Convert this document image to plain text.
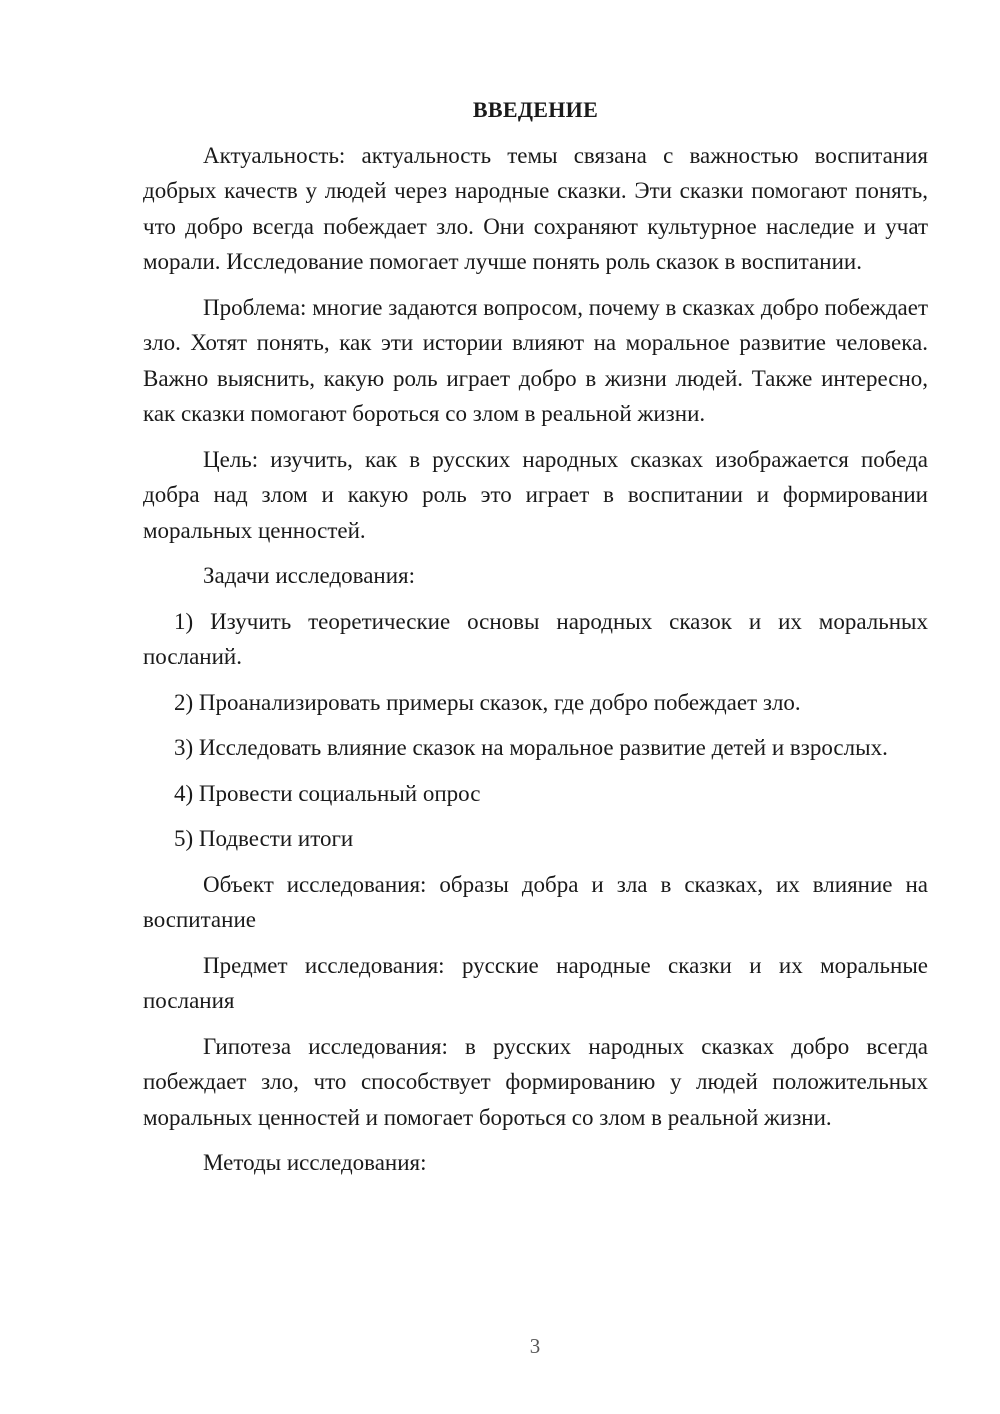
ВВЕДЕНИЕ

Актуальность: актуальность темы связана с важностью воспитания добрых качеств у людей через народные сказки. Эти сказки помогают понять, что добро всегда побеждает зло. Они сохраняют культурное наследие и учат морали. Исследование помогает лучше понять роль сказок в воспитании.

Проблема: многие задаются вопросом, почему в сказках добро побеждает зло. Хотят понять, как эти истории влияют на моральное развитие человека. Важно выяснить, какую роль играет добро в жизни людей. Также интересно, как сказки помогают бороться со злом в реальной жизни.

Цель: изучить, как в русских народных сказках изображается победа добра над злом и какую роль это играет в воспитании и формировании моральных ценностей.

Задачи исследования:

1) Изучить теоретические основы народных сказок и их моральных посланий.

2) Проанализировать примеры сказок, где добро побеждает зло.

3) Исследовать влияние сказок на моральное развитие детей и взрослых.

4) Провести социальный опрос

5) Подвести итоги

Объект исследования: образы добра и зла в сказках, их влияние на воспитание

Предмет исследования: русские народные сказки и их моральные послания

Гипотеза исследования: в русских народных сказках добро всегда побеждает зло, что способствует формированию у людей положительных моральных ценностей и помогает бороться со злом в реальной жизни.

Методы исследования:

3
